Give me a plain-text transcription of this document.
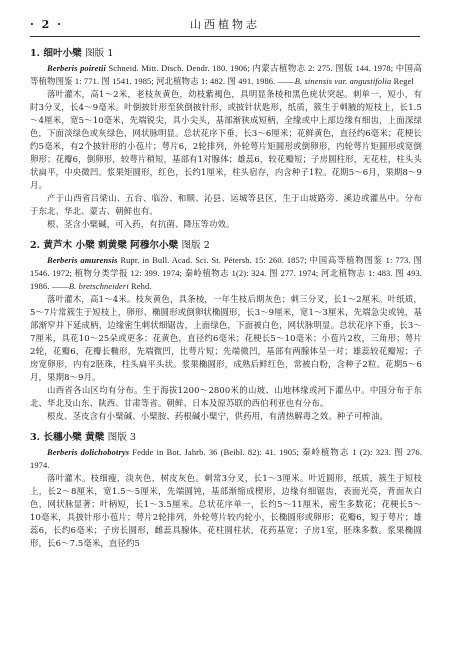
· 2 ·	山西植物志
1. 细叶小檗 图版 1

Berberis poiretii Schneid. Mitt. Dtsch. Dendr. 180. 1906; 内蒙古植物志 2: 275. 图版 144. 1978; 中国高等植物图鉴 1: 771. 图 1541. 1985; 河北植物志 1: 482. 图 491. 1986. ——B. sinensis var. angustifolia Regel

落叶灌木，高1～2米，老枝灰黄色，幼枝紫褐色，具明显条棱和黑色疣状突起。刺单一，短小，有时3分叉，长4～9毫米。叶倒披针形至狭倒披针形，或披针状匙形，纸质，簇生于刺腋的短枝上，长1.5～4厘米，宽5～10毫米，先端锐尖，具小尖头，基部渐狭成短柄，全缘或中上部边缘有细齿，上面深绿色，下面淡绿色或灰绿色，网状脉明显。总状花序下垂，长3～6厘米；花鲜黄色，直径约6毫米；花梗长约5毫米，有2个披针形的小苞片；萼片6，2轮排列，外轮萼片矩圆形或倒卵形，内轮萼片矩圆形或宽倒卵形；花瓣6，倒卵形，较萼片稍短，基部有1对腺体；雄蕊6，较花瓣短；子房圆柱形，无花柱，柱头头状扁平，中央微凹。浆果矩圆形，红色，长约1厘米，柱头宿存，内含种子1粒。花期5～6月，果期8～9月。

产于山西省吕梁山、五台、临汾、和顺、沁县、运城等县区，生于山坡路旁、溪边或灌丛中。分布于东北、华北、蒙古、朝鲜也有。

根、茎含小檗碱，可入药，有抗菌、降压等功效。

2. 黄芦木 小檗 刺黄檗 阿穆尔小檗 图版 2

Berberis amurensis Rupr. in Bull. Acad. Sci. St. Pétersb. 15: 260. 1857; 中国高等植物图鉴 1: 773. 图 1546. 1972; 植物分类学报 12: 399. 1974; 秦岭植物志 1(2): 324. 图 277. 1974; 河北植物志 1: 483. 图 493. 1986. ——B. bretschneideri Rehd.

落叶灌木，高1～4米。枝灰黄色，具条棱，一年生枝后期灰色；刺三分叉，长1～2厘米。叶纸质，5～7片常簇生于短枝上，卵形、椭圆形或倒卵状椭圆形，长3～9厘米，宽1～3厘米，先端急尖或钝，基部渐窄并下延成柄，边缘密生刺状细锯齿，上面绿色，下面被白色，网状脉明显。总状花序下垂，长3～7厘米，具花10～25朵或更多；花黄色，直径约6毫米；花梗长5～10毫米；小苞片2枚，三角形；萼片2轮，花瓣6，花瓣长椭形，先端微凹，比萼片短；先端微凹，基部有两腺体呈一对；雄蕊较花瓣短；子房宽卵形，内有2胚珠，柱头扁平头状。浆果椭圆形，成熟后鲜红色，常被白粉，含种子2粒。花期5～6月，果期8～9月。

山西省各山区均有分布。生于海拔1200～2800米的山坡、山地林缘或河下灌丛中。中国分布于东北、华北及山东、陕西、甘肃等省。朝鲜、日本及原苏联的西伯利亚也有分布。

根皮、茎皮含有小檗碱、小檗胺、药根碱小檗宁，供药用，有清热解毒之效。种子可榨油。

3. 长穗小檗 黄檗 图版 3

Berberis dolichobotrys Fedde in Bot. Jahrb. 36 (Beibl. 82): 41. 1905; 秦岭植物志 1 (2): 323. 图 276. 1974.

落叶灌木。枝细瘦，淡灰色，树皮灰色。刺常3分叉，长1～3厘米。叶近圆形，纸质，簇生于短枝上，长2～8厘米，宽1.5～5厘米，先端圆钝，基部渐缩成楔形，边缘有细锯齿，表面光亮，背面灰白色，网状脉显著；叶柄短，长1～3.5厘米。总状花序单一，长约5～11厘米，密生多数花；花梗长5～10毫米，具披针形小苞片；萼片2轮排列，外轮萼片较内轮小，长椭圆形或卵形；花瓣6，短于萼片；雄蕊6，长约6毫米；子房长圆形，雌蕊具腺体。花柱圆柱状，花药基宽；子房1室，胚珠多数。浆果椭圆形，长6～7.5毫米，直径约5
